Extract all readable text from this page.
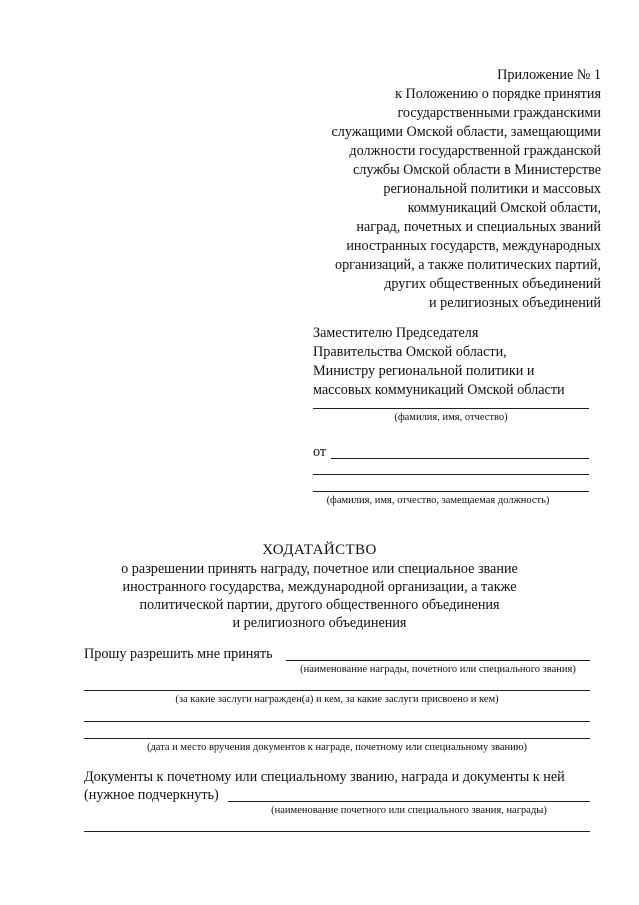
Приложение № 1
к Положению о порядке принятия
государственными гражданскими
служащими Омской области, замещающими
должности государственной гражданской
службы Омской области в Министерстве
региональной политики и массовых
коммуникаций Омской области,
наград, почетных и специальных званий
иностранных государств, международных
организаций, а также политических партий,
других общественных объединений
и религиозных объединений
Заместителю Председателя
Правительства Омской области,
Министру региональной политики и
массовых коммуникаций Омской области
(фамилия, имя, отчество)
от
(фамилия, имя, отчество, замещаемая должность)
ХОДАТАЙСТВО
о разрешении принять награду, почетное или специальное звание
иностранного государства, международной организации, а также
политической партии, другого общественного объединения
и религиозного объединения
Прошу разрешить мне принять
(наименование награды, почетного или специального звания)
(за какие заслуги награжден(а) и кем, за какие заслуги присвоено и кем)
(дата и место вручения документов к награде, почетному или специальному званию)
Документы к почетному или специальному званию, награда и документы к ней
(нужное подчеркнуть)
(наименование почетного или специального звания, награды)
